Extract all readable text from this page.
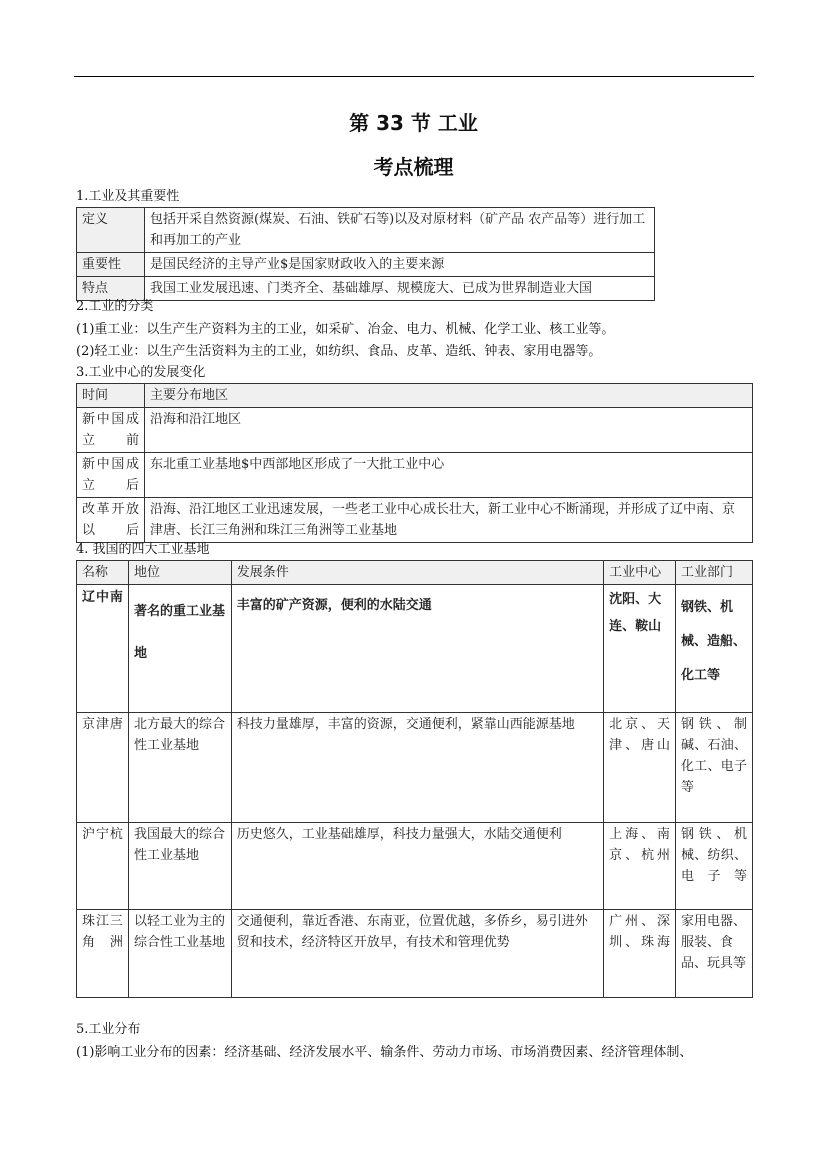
第 33 节 工业
考点梳理
1.工业及其重要性
定义	包括开采自然资源(煤炭、石油、铁矿石等)以及对原材料（矿产品 农产品等）进行加工和再加工的产业
重要性	是国民经济的主导产业$是国家财政收入的主要来源
特点	我国工业发展迅速、门类齐全、基础雄厚、规模庞大、已成为世界制造业大国
2.工业的分类
(1)重工业：以生产生产资料为主的工业，如采矿、冶金、电力、机械、化学工业、核工业等。
(2)轻工业：以生产生活资料为主的工业，如纺织、食品、皮革、造纸、钟表、家用电器等。
3.工业中心的发展变化
时间	主要分布地区
新中国成立前	沿海和沿江地区
新中国成立后	东北重工业基地$中西部地区形成了一大批工业中心
改革开放以后	沿海、沿江地区工业迅速发展，一些老工业中心成长壮大，新工业中心不断涌现，并形成了辽中南、京津唐、长江三角洲和珠江三角洲等工业基地
4. 我国的四大工业基地
名称	地位	发展条件	工业中心	工业部门
辽中南	著名的重工业基地	丰富的矿产资源，便利的水陆交通	沈阳、大连、鞍山	钢铁、机械、造船、化工等
京津唐	北方最大的综合性工业基地	科技力量雄厚，丰富的资源，交通便利，紧靠山西能源基地	北京、天津、唐山	钢铁、制碱、石油、化工、电子等
沪宁杭	我国最大的综合性工业基地	历史悠久，工业基础雄厚，科技力量强大，水陆交通便利	上海、南京、杭州	钢铁、机械、纺织、电子等
珠江三角洲	以轻工业为主的综合性工业基地	交通便利，靠近香港、东南亚，位置优越，多侨乡，易引进外贸和技术，经济特区开放早，有技术和管理优势	广州、深圳、珠海	家用电器、服装、食品、玩具等
5.工业分布
(1)影响工业分布的因素：经济基础、经济发展水平、输条件、劳动力市场、市场消费因素、经济管理体制、
